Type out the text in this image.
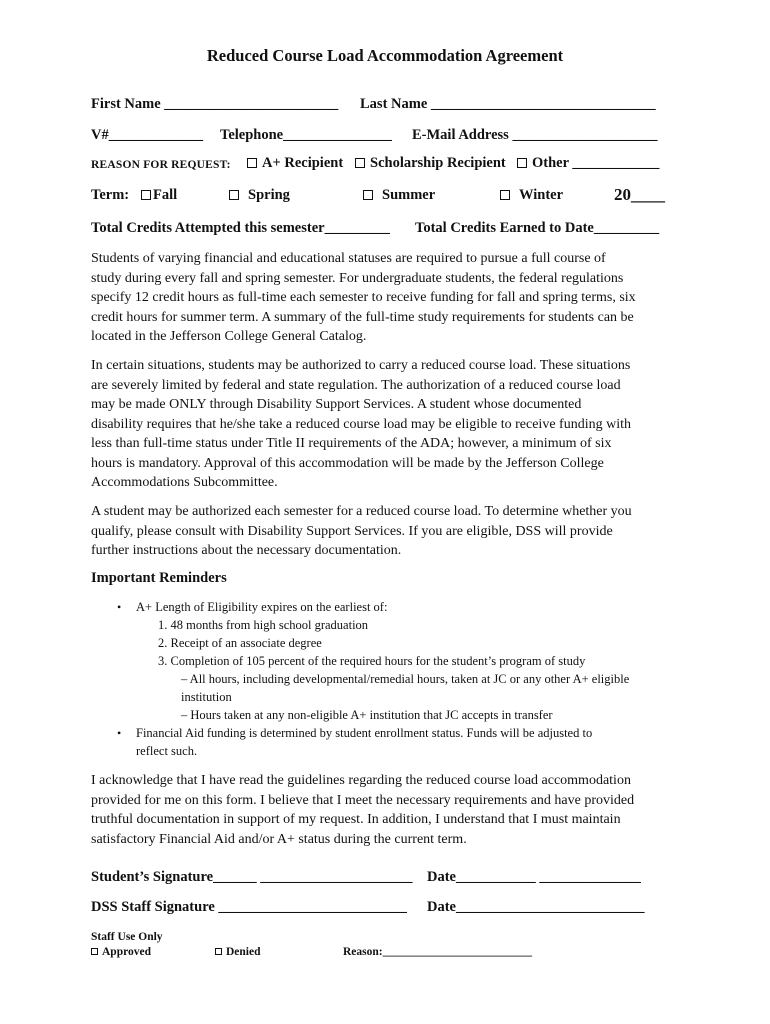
Reduced Course Load Accommodation Agreement
First Name ________________________ Last Name _______________________________
V#_____________ Telephone_______________ E-Mail Address ____________________
REASON FOR REQUEST:	A+ Recipient	Scholarship Recipient	Other ____________
Term:	Fall	Spring	Summer	Winter	20____
Total Credits Attempted this semester_________ Total Credits Earned to Date_________
Students of varying financial and educational statuses are required to pursue a full course of
study during every fall and spring semester. For undergraduate students, the federal regulations
specify 12 credit hours as full-time each semester to receive funding for fall and spring terms, six
credit hours for summer term. A summary of the full-time study requirements for students can be
located in the Jefferson College General Catalog.
In certain situations, students may be authorized to carry a reduced course load. These situations
are severely limited by federal and state regulation. The authorization of a reduced course load
may be made ONLY through Disability Support Services. A student whose documented
disability requires that he/she take a reduced course load may be eligible to receive funding with
less than full-time status under Title II requirements of the ADA; however, a minimum of six
hours is mandatory. Approval of this accommodation will be made by the Jefferson College
Accommodations Subcommittee.
A student may be authorized each semester for a reduced course load. To determine whether you
qualify, please consult with Disability Support Services. If you are eligible, DSS will provide
further instructions about the necessary documentation.
Important Reminders
• A+ Length of Eligibility expires on the earliest of:
1. 48 months from high school graduation
2. Receipt of an associate degree
3. Completion of 105 percent of the required hours for the student’s program of study
– All hours, including developmental/remedial hours, taken at JC or any other A+ eligible
institution
– Hours taken at any non-eligible A+ institution that JC accepts in transfer
• Financial Aid funding is determined by student enrollment status. Funds will be adjusted to
reflect such.
I acknowledge that I have read the guidelines regarding the reduced course load accommodation
provided for me on this form. I believe that I meet the necessary requirements and have provided
truthful documentation in support of my request. In addition, I understand that I must maintain
satisfactory Financial Aid and/or A+ status during the current term.
Student’s Signature______ _____________________ Date___________ ______________
DSS Staff Signature __________________________ Date__________________________
Staff Use Only
Approved	Denied	Reason:__________________________
